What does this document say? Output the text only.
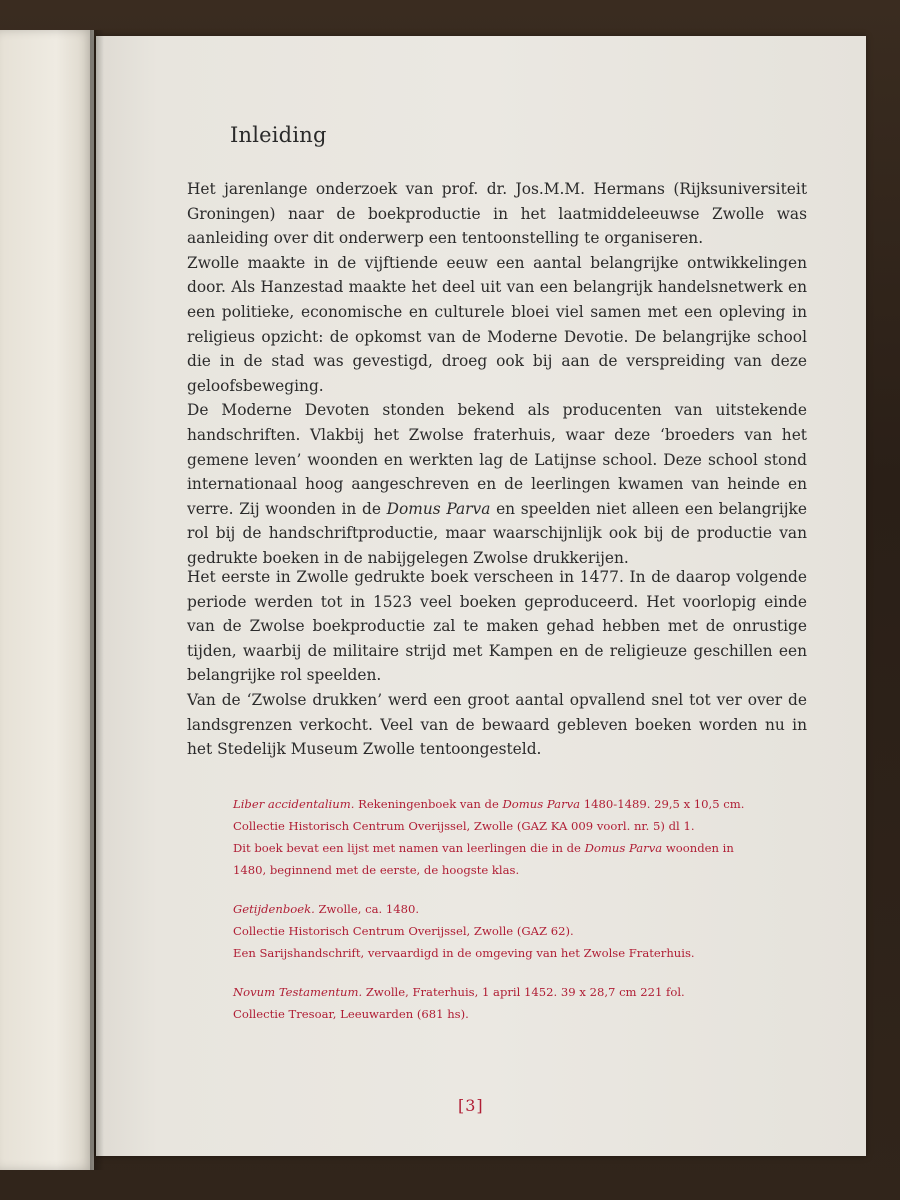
Inleiding

Het jarenlange onderzoek van prof. dr. Jos.M.M. Hermans (Rijksuniversiteit Groningen) naar de boekproductie in het laatmiddeleeuwse Zwolle was aanleiding over dit onderwerp een tentoonstelling te organiseren.

Zwolle maakte in de vijftiende eeuw een aantal belangrijke ontwikkelingen door. Als Hanzestad maakte het deel uit van een belangrijk handelsnetwerk en een politieke, economische en culturele bloei viel samen met een opleving in religieus opzicht: de opkomst van de Moderne Devotie. De belangrijke school die in de stad was gevestigd, droeg ook bij aan de verspreiding van deze geloofsbeweging.

De Moderne Devoten stonden bekend als producenten van uitstekende handschriften. Vlakbij het Zwolse fraterhuis, waar deze ‘broeders van het gemene leven’ woonden en werkten lag de Latijnse school. Deze school stond internationaal hoog aangeschreven en de leerlingen kwamen van heinde en verre. Zij woonden in de Domus Parva en speelden niet alleen een belangrijke rol bij de handschriftproductie, maar waarschijnlijk ook bij de productie van gedrukte boeken in de nabijgelegen Zwolse drukkerijen.

Het eerste in Zwolle gedrukte boek verscheen in 1477. In de daarop volgende periode werden tot in 1523 veel boeken geproduceerd. Het voorlopig einde van de Zwolse boekproductie zal te maken gehad hebben met de onrustige tijden, waarbij de militaire strijd met Kampen en de religieuze geschillen een belangrijke rol speelden.

Van de ‘Zwolse drukken’ werd een groot aantal opvallend snel tot ver over de landsgrenzen verkocht. Veel van de bewaard gebleven boeken worden nu in het Stedelijk Museum Zwolle tentoongesteld.

Liber accidentalium. Rekeningenboek van de Domus Parva 1480-1489. 29,5 x 10,5 cm.

Collectie Historisch Centrum Overijssel, Zwolle (GAZ KA 009 voorl. nr. 5) dl 1.

Dit boek bevat een lijst met namen van leerlingen die in de Domus Parva woonden in 1480, beginnend met de eerste, de hoogste klas.

Getijdenboek. Zwolle, ca. 1480.

Collectie Historisch Centrum Overijssel, Zwolle (GAZ 62).

Een Sarijshandschrift, vervaardigd in de omgeving van het Zwolse Fraterhuis.

Novum Testamentum. Zwolle, Fraterhuis, 1 april 1452. 39 x 28,7 cm 221 fol.

Collectie Tresoar, Leeuwarden (681 hs).

[3]
